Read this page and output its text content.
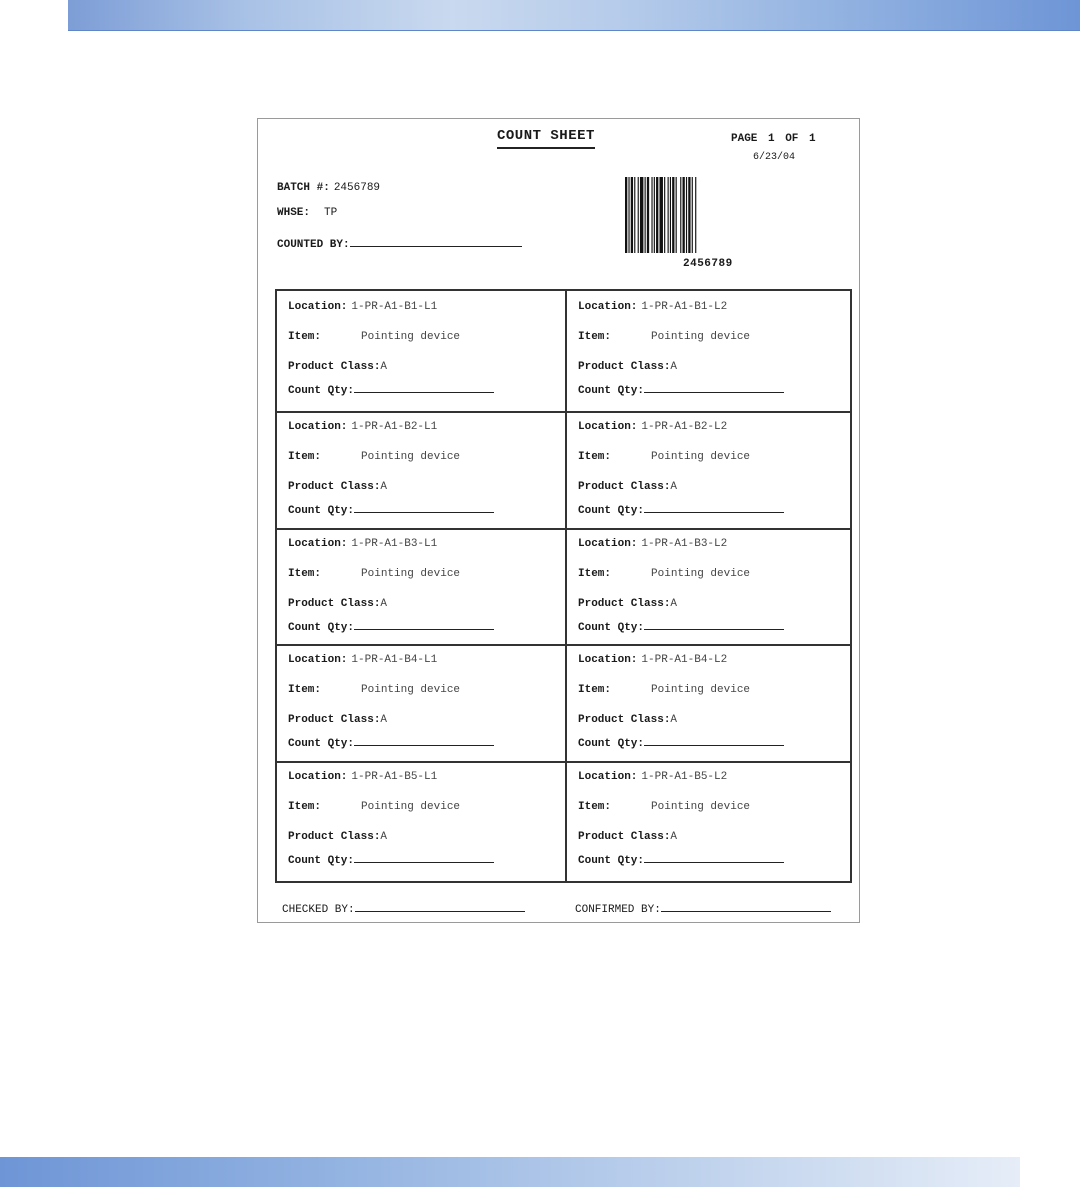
COUNT SHEET	PAGE 1 OF 1
6/23/04
BATCH #: 2456789
WHSE: TP
COUNTED BY:
2456789
Location: 1-PR-A1-B1-L1
Item:	Pointing device
Product Class:A
Count Qty:
Location: 1-PR-A1-B1-L2
Item:	Pointing device
Product Class:A
Count Qty:
Location: 1-PR-A1-B2-L1
Item:	Pointing device
Product Class:A
Count Qty:
Location: 1-PR-A1-B2-L2
Item:	Pointing device
Product Class:A
Count Qty:
Location: 1-PR-A1-B3-L1
Item:	Pointing device
Product Class:A
Count Qty:
Location: 1-PR-A1-B3-L2
Item:	Pointing device
Product Class:A
Count Qty:
Location: 1-PR-A1-B4-L1
Item:	Pointing device
Product Class:A
Count Qty:
Location: 1-PR-A1-B4-L2
Item:	Pointing device
Product Class:A
Count Qty:
Location: 1-PR-A1-B5-L1
Item:	Pointing device
Product Class:A
Count Qty:
Location: 1-PR-A1-B5-L2
Item:	Pointing device
Product Class:A
Count Qty:
CHECKED BY:	CONFIRMED BY:
